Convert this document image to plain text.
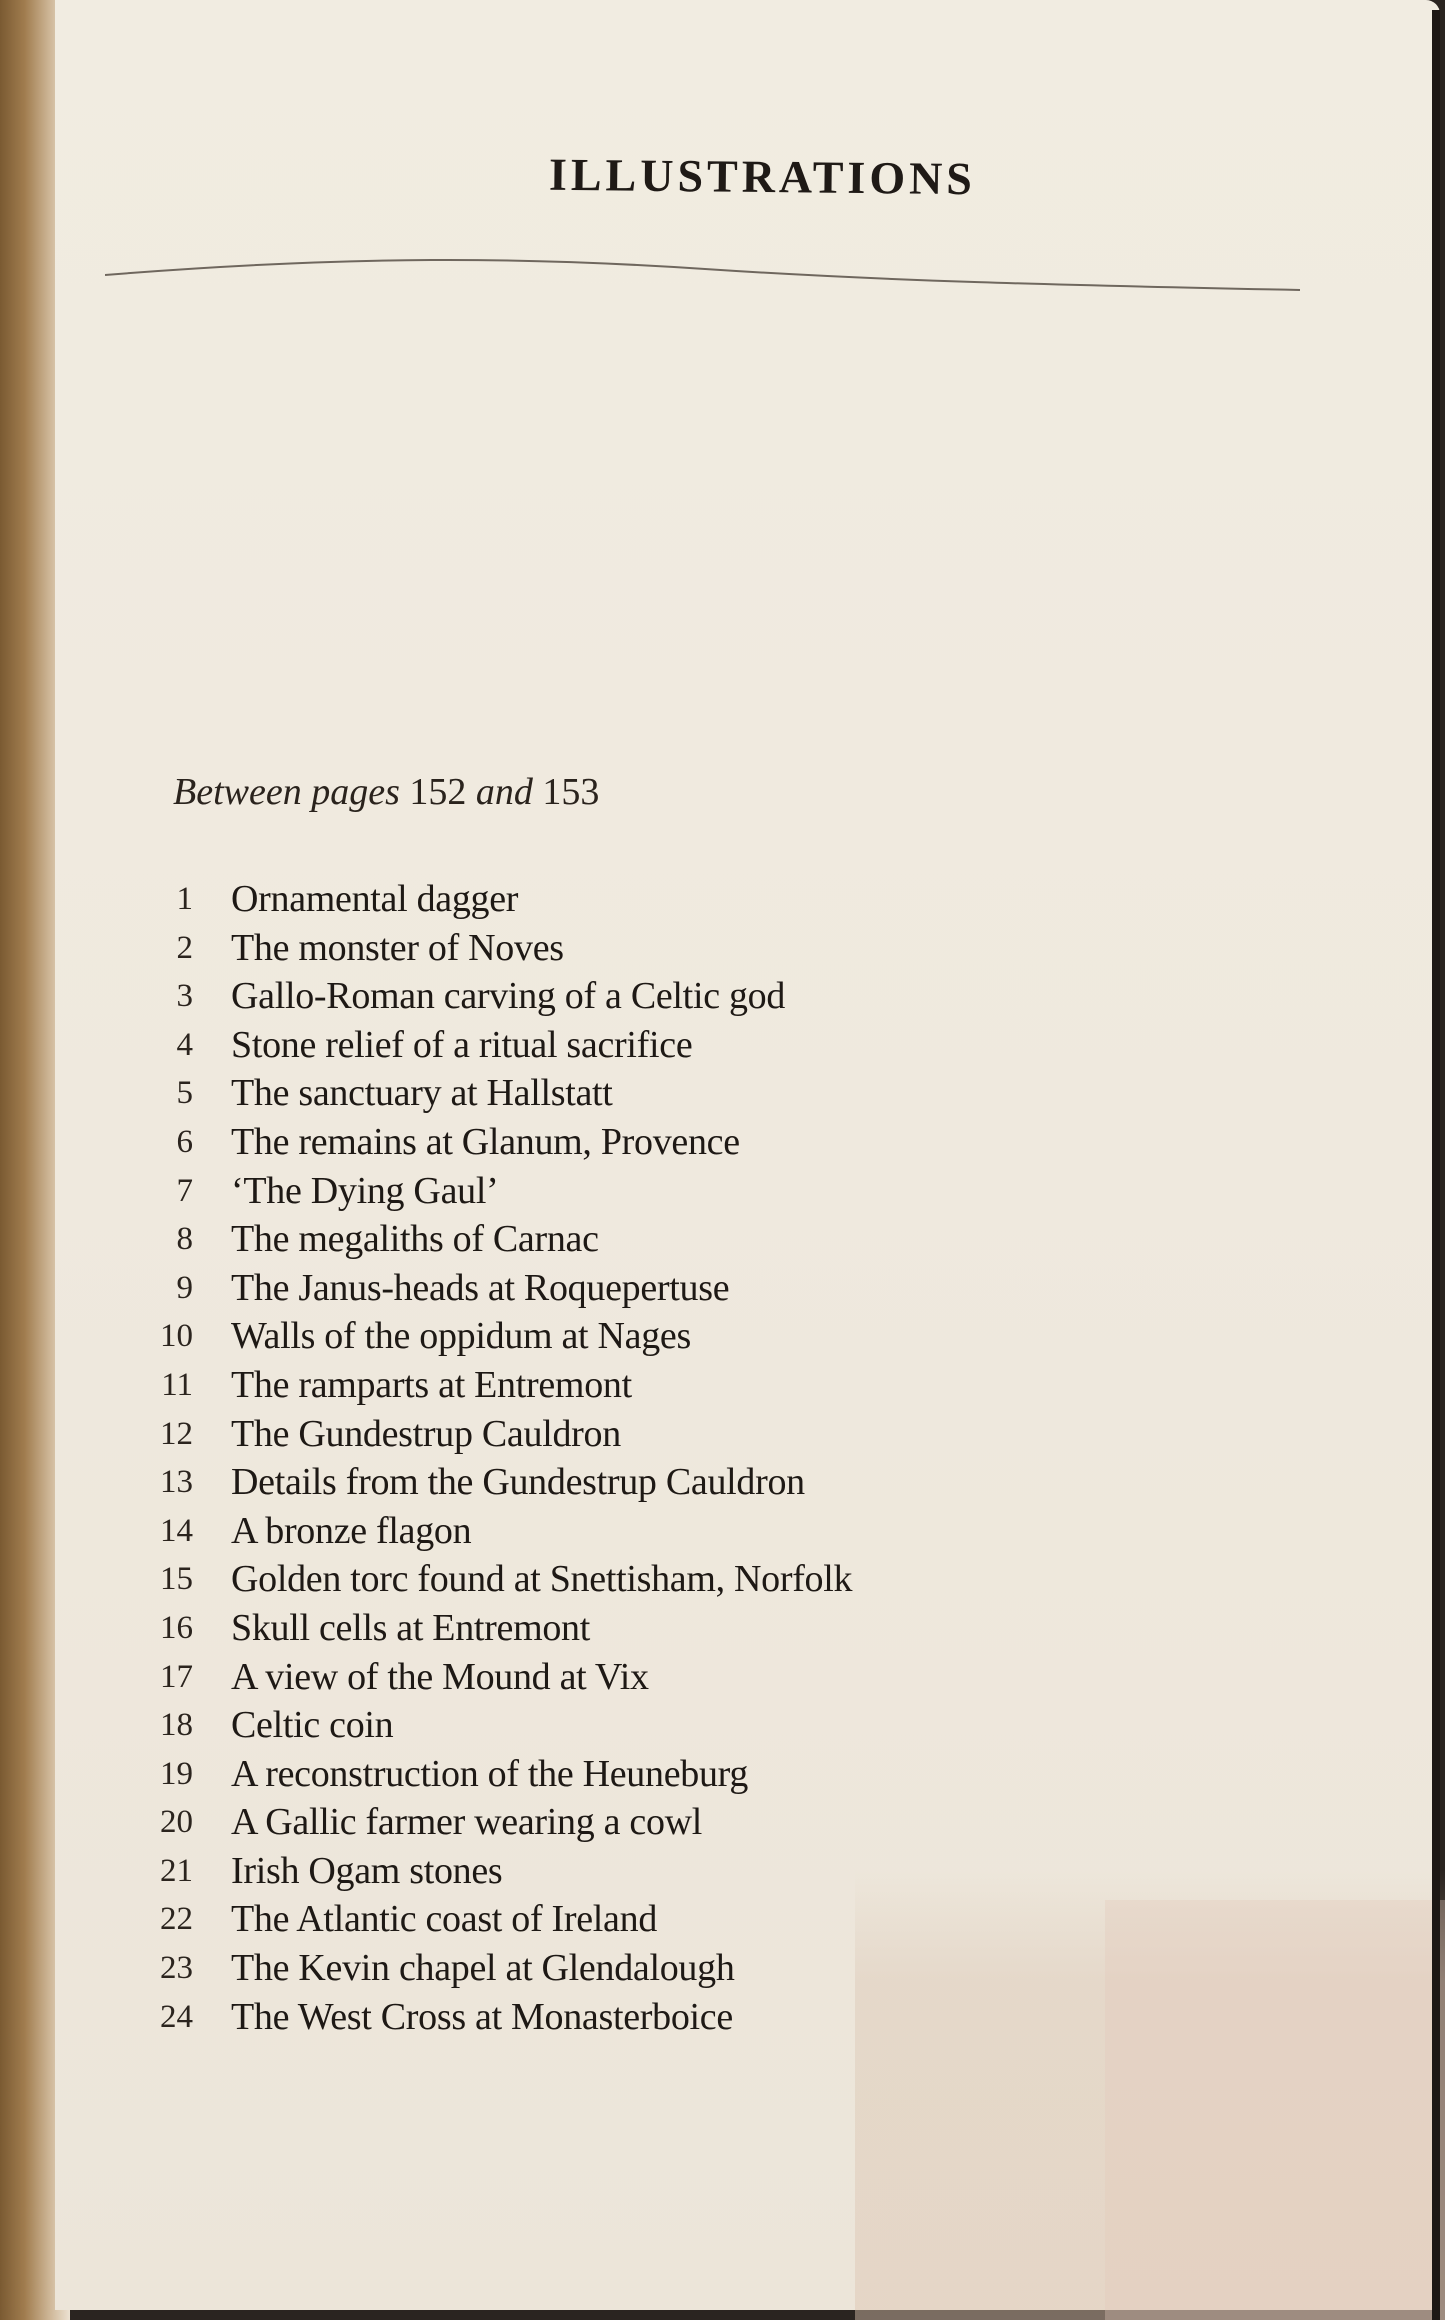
ILLUSTRATIONS
Between pages 152 and 153
1	Ornamental dagger
2	The monster of Noves
3	Gallo-Roman carving of a Celtic god
4	Stone relief of a ritual sacrifice
5	The sanctuary at Hallstatt
6	The remains at Glanum, Provence
7	‘The Dying Gaul’
8	The megaliths of Carnac
9	The Janus-heads at Roquepertuse
10	Walls of the oppidum at Nages
11	The ramparts at Entremont
12	The Gundestrup Cauldron
13	Details from the Gundestrup Cauldron
14	A bronze flagon
15	Golden torc found at Snettisham, Norfolk
16	Skull cells at Entremont
17	A view of the Mound at Vix
18	Celtic coin
19	A reconstruction of the Heuneburg
20	A Gallic farmer wearing a cowl
21	Irish Ogam stones
22	The Atlantic coast of Ireland
23	The Kevin chapel at Glendalough
24	The West Cross at Monasterboice
